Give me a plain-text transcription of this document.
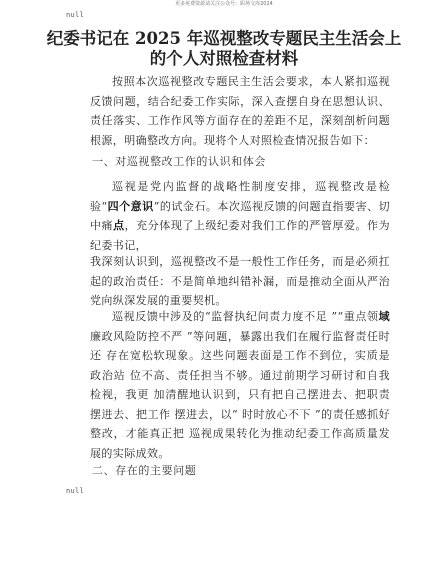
更多免费资源请关注公众号：职场文库2024
null
纪委书记在 2025 年巡视整改专题民主生活会上
的个人对照检查材料

按照本次巡视整改专题民主生活会要求，本人紧扣巡视反馈问题，结合纪委工作实际，深入查摆自身在思想认识、责任落实、工作作风等方面存在的差距不足，深刻剖析问题根源，明确整改方向。现将个人对照检查情况报告如下：

一、对巡视整改工作的认识和体会

巡视是党内监督的战略性制度安排，巡视整改是检验“四个意识”的试金石。本次巡视反馈的问题直指要害、切中痛点，充分体现了上级纪委对我们工作的严管厚爱。作为纪委书记，

我深刻认识到，巡视整改不是一般性工作任务，而是必须扛起的政治责任：不是简单地纠错补漏，而是推动全面从严治党向纵深发展的重要契机。

巡视反馈中涉及的“监督执纪问责力度不足 ”“重点领域 廉政风险防控不严 ”等问题，暴露出我们在履行监督责任时还 存在宽松软现象。这些问题表面是工作不到位，实质是政治站 位不高、责任担当不够。通过前期学习研讨和自我检视，我更 加清醒地认识到，只有把自己摆进去、把职责摆进去、把工作 摆进去，以“ 时时放心不下 ”的责任感抓好整改，才能真正把 巡视成果转化为推动纪委工作高质量发展的实际成效。

二、存在的主要问题
null
